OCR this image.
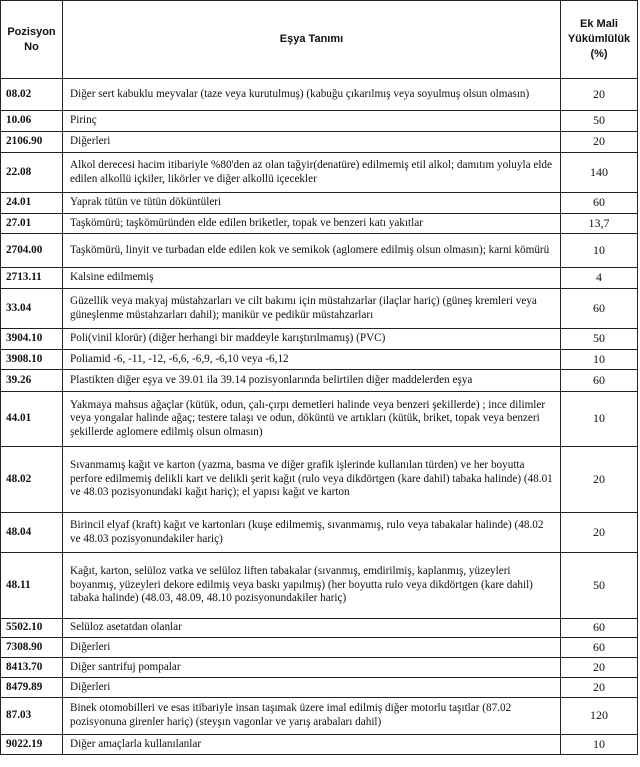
Pozisyon No	Eşya Tanımı	Ek Mali Yükümlülük (%)
08.02	Diğer sert kabuklu meyvalar (taze veya kurutulmuş) (kabuğu çıkarılmış veya soyulmuş olsun olmasın)	20
10.06	Pirinç	50
2106.90	Diğerleri	20
22.08	Alkol derecesi hacim itibariyle %80'den az olan tağyir(denatüre) edilmemiş etil alkol; damıtım yoluyla elde edilen alkollü içkiler, likörler ve diğer alkollü içecekler	140
24.01	Yaprak tütün ve tütün döküntüleri	60
27.01	Taşkömürü; taşkömüründen elde edilen briketler, topak ve benzeri katı yakıtlar	13,7
2704.00	Taşkömürü, linyit ve turbadan elde edilen kok ve semikok (aglomere edilmiş olsun olmasın); karni kömürü	10
2713.11	Kalsine edilmemiş	4
33.04	Güzellik veya makyaj müstahzarları ve cilt bakımı için müstahzarlar (ilaçlar hariç) (güneş kremleri veya güneşlenme müstahzarları dahil); manikür ve pedikür müstahzarları	60
3904.10	Poli(vinil klorür) (diğer herhangi bir maddeyle karıştırılmamış) (PVC)	50
3908.10	Poliamid -6, -11, -12, -6,6, -6,9, -6,10 veya -6,12	10
39.26	Plastikten diğer eşya ve 39.01 ila 39.14 pozisyonlarında belirtilen diğer maddelerden eşya	60
44.01	Yakmaya mahsus ağaçlar (kütük, odun, çalı-çırpı demetleri halinde veya benzeri şekillerde) ; ince dilimler veya yongalar halinde ağaç; testere talaşı ve odun, döküntü ve artıkları (kütük, briket, topak veya benzeri şekillerde aglomere edilmiş olsun olmasın)	10
48.02	Sıvanmamış kağıt ve karton (yazma, basma ve diğer grafik işlerinde kullanılan türden) ve her boyutta perfore edilmemiş delikli kart ve delikli şerit kağıt (rulo veya dikdörtgen (kare dahil) tabaka halinde) (48.01 ve 48.03 pozisyonundaki kağıt hariç); el yapısı kağıt ve karton	20
48.04	Birincil elyaf (kraft) kağıt ve kartonları (kuşe edilmemiş, sıvanmamış, rulo veya tabakalar halinde) (48.02 ve 48.03 pozisyonundakiler hariç)	20
48.11	Kağıt, karton, selüloz vatka ve selüloz liften tabakalar (sıvanmış, emdirilmiş, kaplanmış, yüzeyleri boyanmış, yüzeyleri dekore edilmiş veya baskı yapılmış) (her boyutta rulo veya dikdörtgen (kare dahil) tabaka halinde) (48.03, 48.09, 48.10 pozisyonundakiler hariç)	50
5502.10	Selüloz asetatdan olanlar	60
7308.90	Diğerleri	60
8413.70	Diğer santrifuj pompalar	20
8479.89	Diğerleri	20
87.03	Binek otomobilleri ve esas itibariyle insan taşımak üzere imal edilmiş diğer motorlu taşıtlar (87.02 pozisyonuna girenler hariç) (steyşın vagonlar ve yarış arabaları dahil)	120
9022.19	Diğer amaçlarla kullanılanlar	10
